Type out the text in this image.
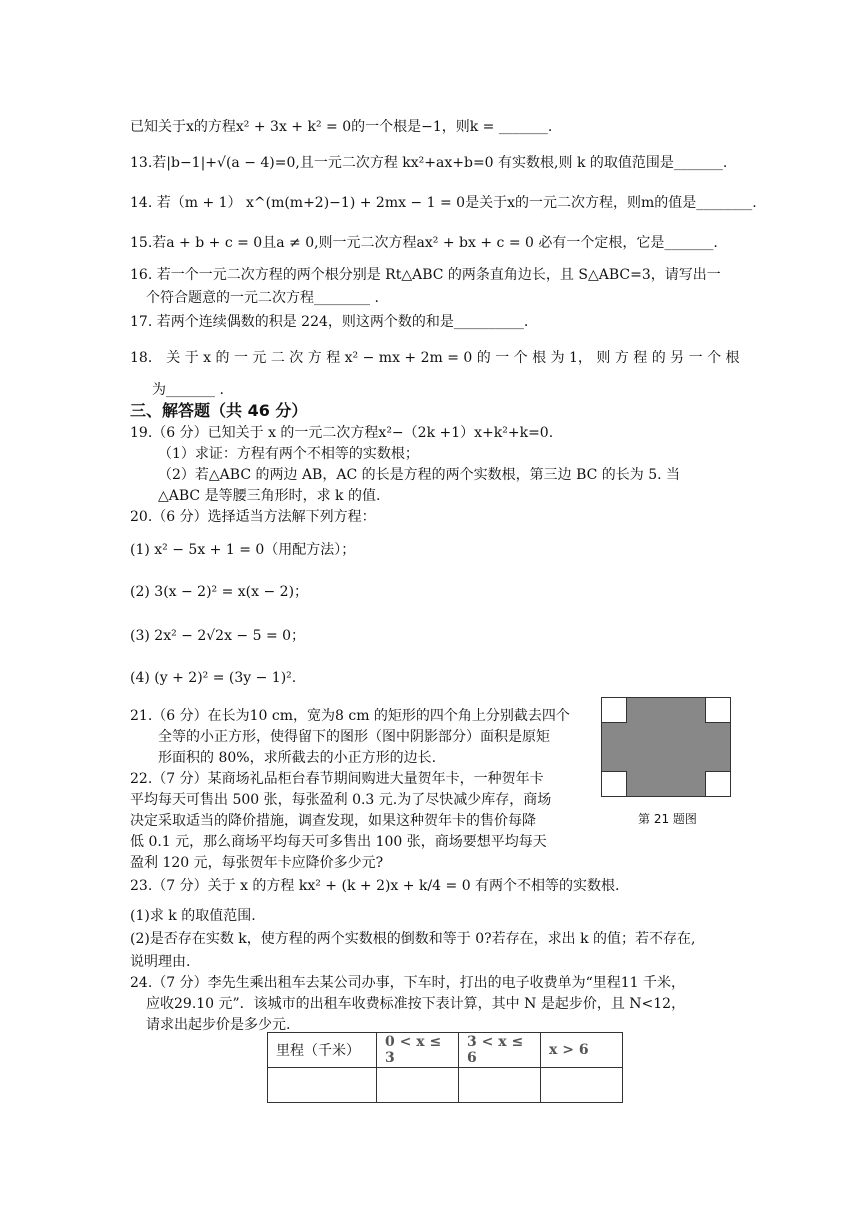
已知关于x的方程x² + 3x + k² = 0的一个根是−1，则k = _______.
13.若|b−1|+√(a − 4)=0,且一元二次方程 kx²+ax+b=0 有实数根,则 k 的取值范围是_______.
14. 若（m + 1） x^(m(m+2)−1) + 2mx − 1 = 0是关于x的一元二次方程，则m的值是________.
15.若a + b + c = 0且a ≠ 0,则一元二次方程ax² + bx + c = 0 必有一个定根，它是_______.
16. 若一个一元二次方程的两个根分别是 Rt△ABC 的两条直角边长，且 S△ABC=3，请写出一
个符合题意的一元二次方程________ .
17. 若两个连续偶数的积是 224，则这两个数的和是__________.
18． 关 于 x 的 一 元 二 次 方 程 x² − mx + 2m = 0 的 一 个 根 为 1， 则 方 程 的 另 一 个 根
为_______ .
三、解答题（共 46 分）
19.（6 分）已知关于 x 的一元二次方程x²−（2k +1）x+k²+k=0.
（1）求证：方程有两个不相等的实数根；
（2）若△ABC 的两边 AB，AC 的长是方程的两个实数根，第三边 BC 的长为 5. 当
△ABC 是等腰三角形时，求 k 的值.
20.（6 分）选择适当方法解下列方程：
(1) x² − 5x + 1 = 0（用配方法）；
(2) 3(x − 2)² = x(x − 2)；
(3) 2x² − 2√2x − 5 = 0；
(4) (y + 2)² = (3y − 1)².
21.（6 分）在长为10 cm，宽为8 cm 的矩形的四个角上分别截去四个
全等的小正方形，使得留下的图形（图中阴影部分）面积是原矩
形面积的 80%，求所截去的小正方形的边长.
第 21 题图
22.（7 分）某商场礼品柜台春节期间购进大量贺年卡，一种贺年卡
平均每天可售出 500 张，每张盈利 0.3 元.为了尽快减少库存，商场
决定采取适当的降价措施，调查发现，如果这种贺年卡的售价每降
低 0.1 元，那么商场平均每天可多售出 100 张，商场要想平均每天
盈利 120 元，每张贺年卡应降价多少元?
23.（7 分）关于 x 的方程 kx² + (k + 2)x + k/4 = 0 有两个不相等的实数根.
(1)求 k 的取值范围.
(2)是否存在实数 k，使方程的两个实数根的倒数和等于 0?若存在，求出 k 的值；若不存在,
说明理由.
24.（7 分）李先生乘出租车去某公司办事，下车时，打出的电子收费单为“里程11 千米，
应收29.10 元”．该城市的出租车收费标准按下表计算，其中 N 是起步价，且 N<12，
请求出起步价是多少元.
里程（千米）	0 < x ≤ 3	3 < x ≤ 6	x > 6
